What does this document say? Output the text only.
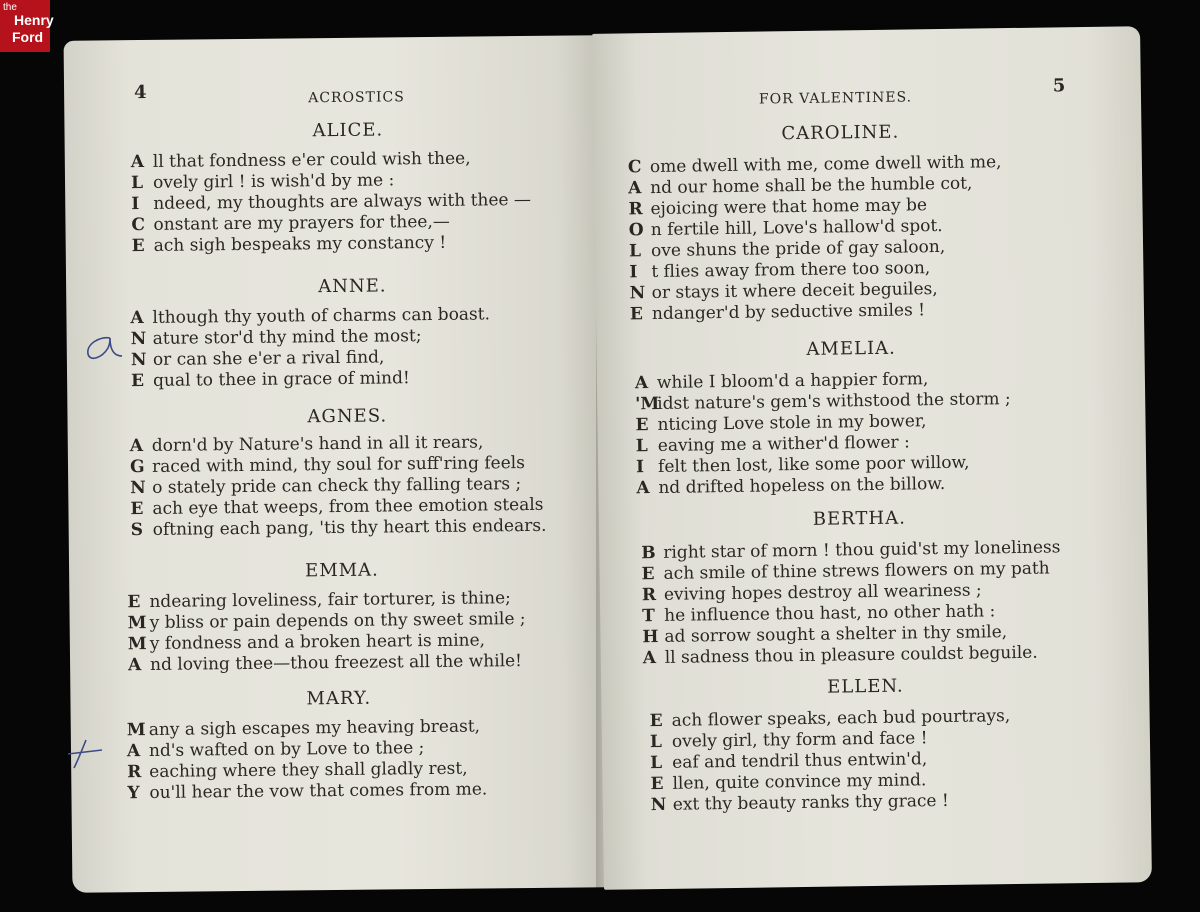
the
Henry
Ford
4	ACROSTICS
ALICE.
A ll that fondness e'er could wish thee,
L ovely girl ! is wish'd by me :
I ndeed, my thoughts are always with thee —
C onstant are my prayers for thee,—
E ach sigh bespeaks my constancy !
ANNE.
A lthough thy youth of charms can boast.
N ature stor'd thy mind the most;
N or can she e'er a rival find,
E qual to thee in grace of mind!
AGNES.
A dorn'd by Nature's hand in all it rears,
G raced with mind, thy soul for suff'ring feels
N o stately pride can check thy falling tears ;
E ach eye that weeps, from thee emotion steals
S oftning each pang, 'tis thy heart this endears.
EMMA.
E ndearing loveliness, fair torturer, is thine;
M y bliss or pain depends on thy sweet smile ;
M y fondness and a broken heart is mine,
A nd loving thee—thou freezest all the while!
MARY.
M any a sigh escapes my heaving breast,
A nd's wafted on by Love to thee ;
R eaching where they shall gladly rest,
Y ou'll hear the vow that comes from me.
FOR VALENTINES.
5
CAROLINE.
C ome dwell with me, come dwell with me,
A nd our home shall be the humble cot,
R ejoicing were that home may be
O n fertile hill, Love's hallow'd spot.
L ove shuns the pride of gay saloon,
I t flies away from there too soon,
N or stays it where deceit beguiles,
E ndanger'd by seductive smiles !
AMELIA.
A while I bloom'd a happier form,
'Midst nature's gem's withstood the storm ;
E nticing Love stole in my bower,
L eaving me a wither'd flower :
I felt then lost, like some poor willow,
A nd drifted hopeless on the billow.
BERTHA.
B right star of morn ! thou guid'st my loneliness
E ach smile of thine strews flowers on my path
R eviving hopes destroy all weariness ;
T he influence thou hast, no other hath :
H ad sorrow sought a shelter in thy smile,
A ll sadness thou in pleasure couldst beguile.
ELLEN.
E ach flower speaks, each bud pourtrays,
L ovely girl, thy form and face !
L eaf and tendril thus entwin'd,
E llen, quite convince my mind.
N ext thy beauty ranks thy grace !
